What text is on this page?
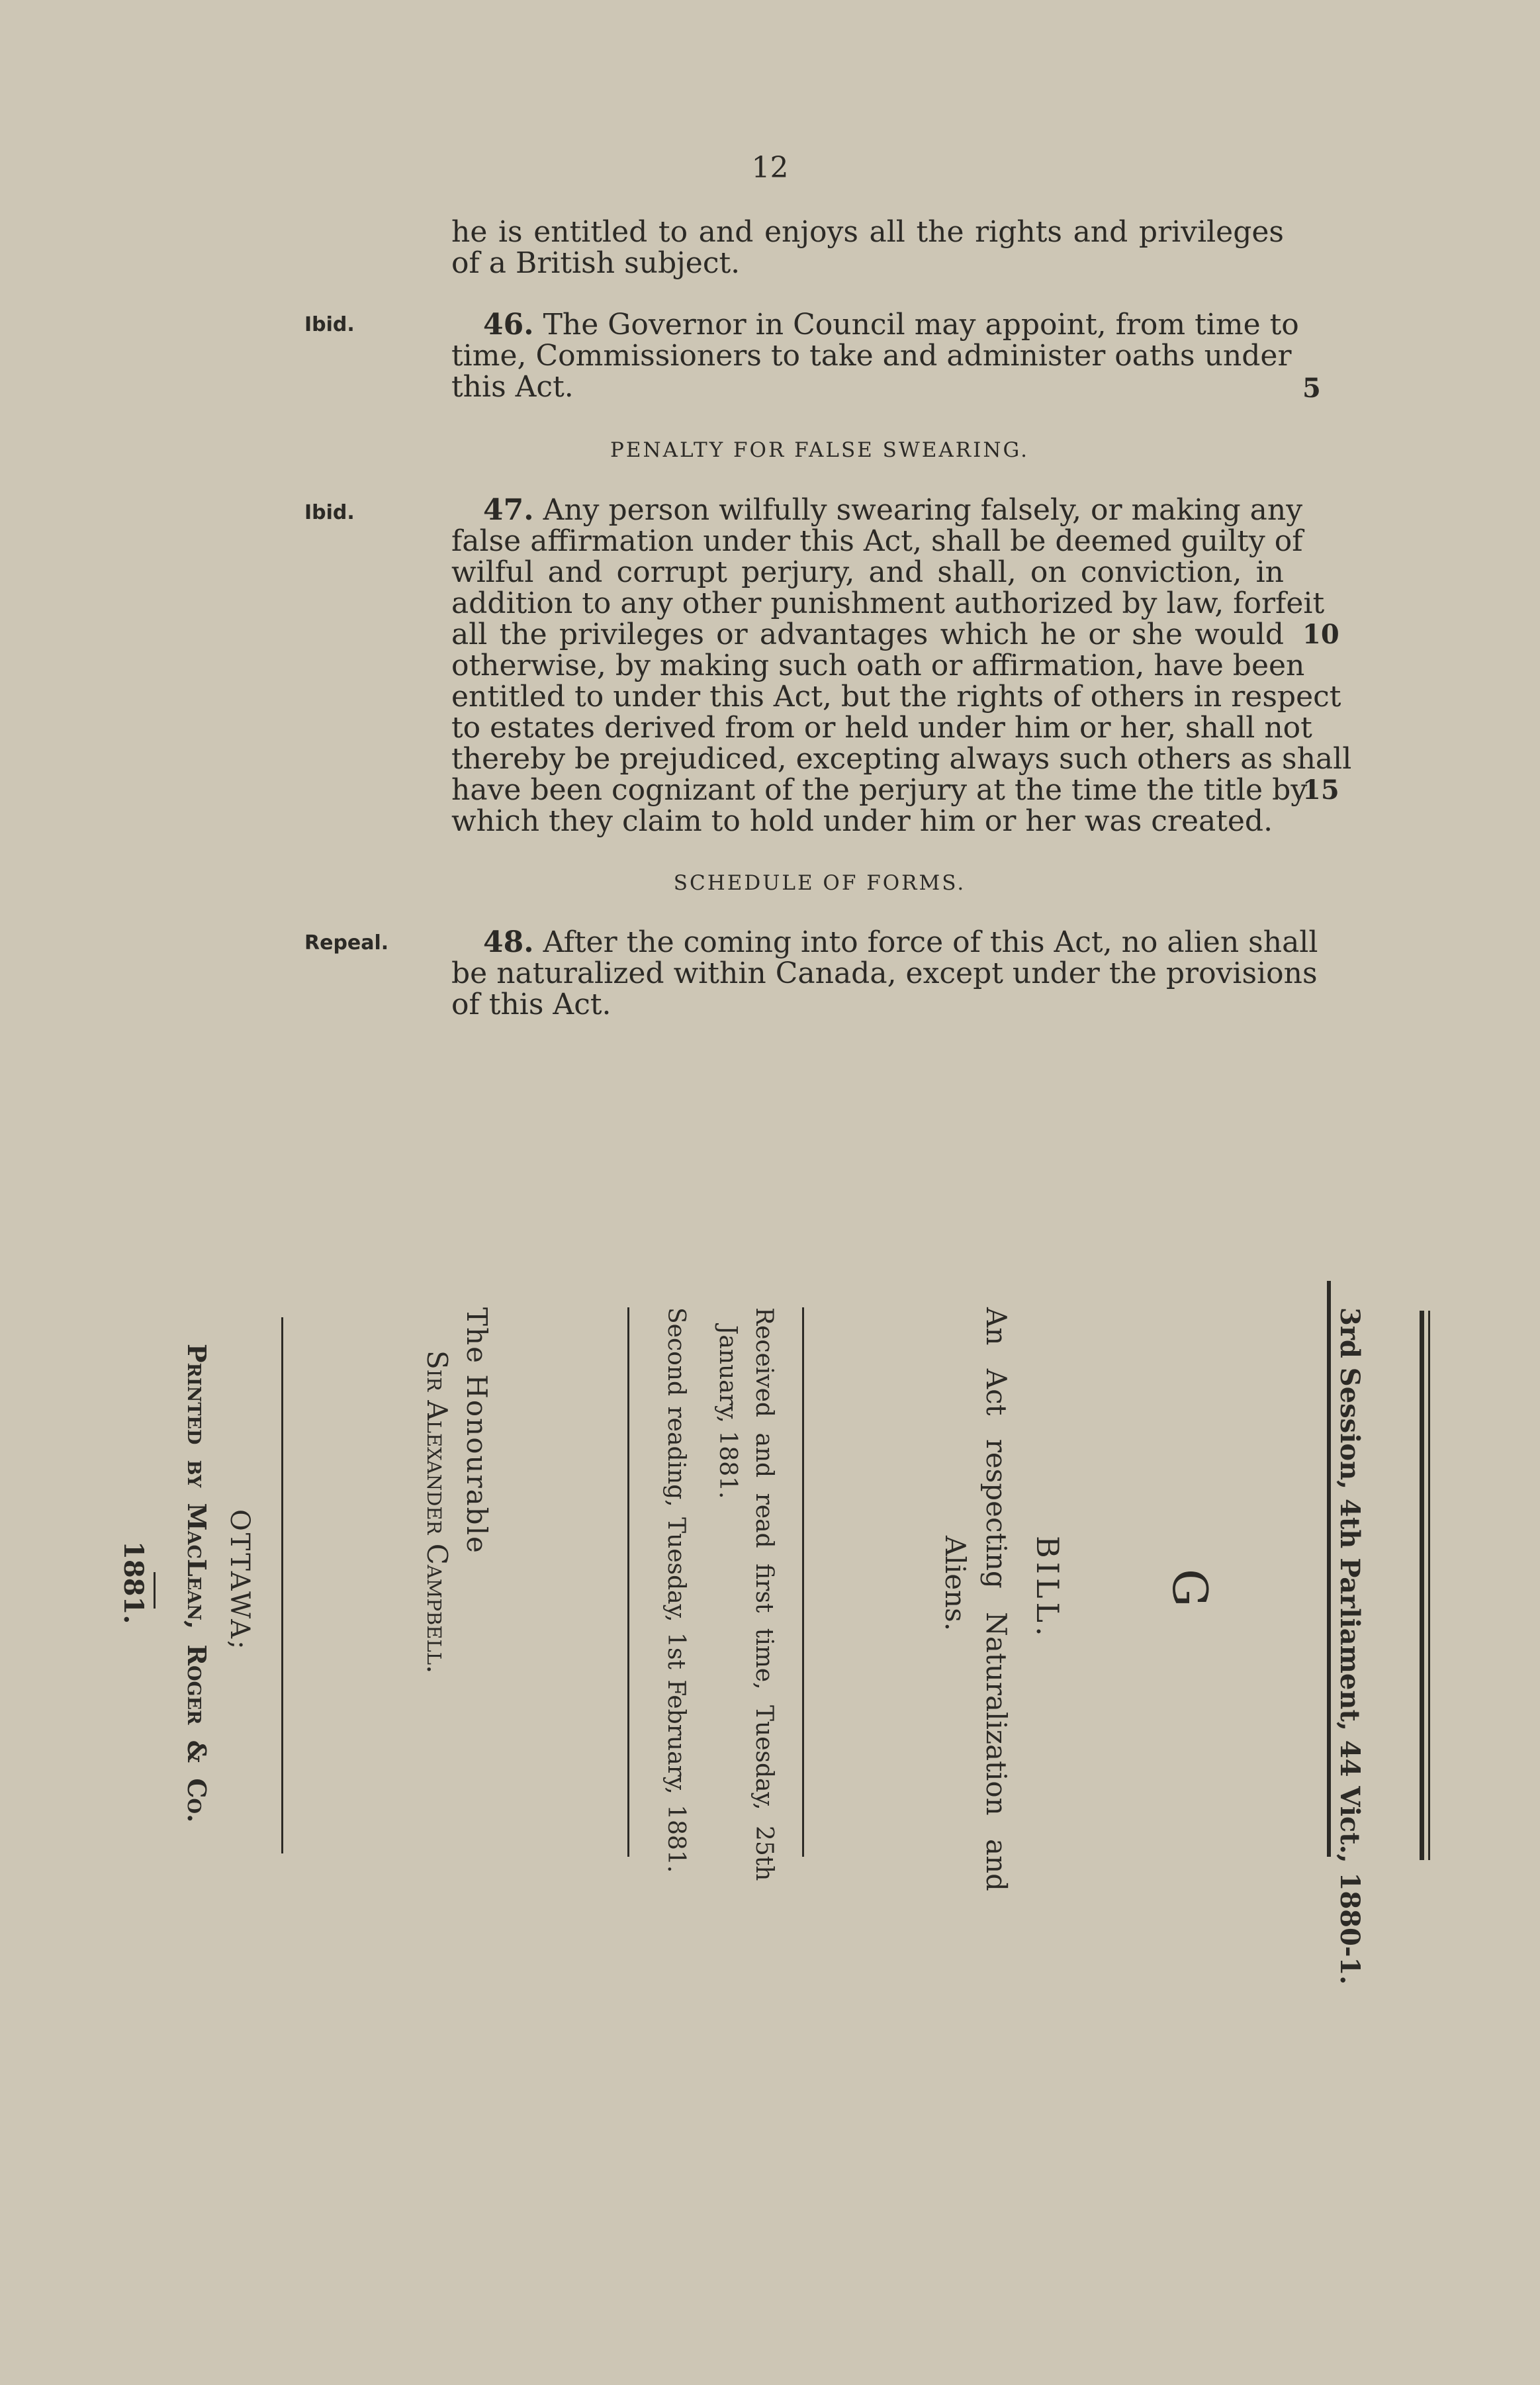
12
he is entitled to and enjoys all the rights and privileges
of a British subject.
Ibid.	46. The Governor in Council may appoint, from time to
time, Commissioners to take and administer oaths under
this Act.	5
PENALTY FOR FALSE SWEARING.
Ibid.	47. Any person wilfully swearing falsely, or making any
false affirmation under this Act, shall be deemed guilty of
wilful and corrupt perjury, and shall, on conviction, in
addition to any other punishment authorized by law, forfeit
all the privileges or advantages which he or she would
otherwise, by making such oath or affirmation, have been
entitled to under this Act, but the rights of others in respect
to estates derived from or held under him or her, shall not
thereby be prejudiced, excepting always such others as shall
have been cognizant of the perjury at the time the title by
which they claim to hold under him or her was created.
10
15
SCHEDULE OF FORMS.
Repeal.	48. After the coming into force of this Act, no alien shall
be naturalized within Canada, except under the provisions
of this Act.
3rd Session, 4th Parliament, 44 Vict., 1880-1.
G
BILL.
An Act respecting Naturalization and
Aliens.
Received and read first time, Tuesday, 25th
January, 1881.
Second reading, Tuesday, 1st February, 1881.
The Honourable
Sir Alexander Campbell.
OTTAWA;
Printed by MacLean, Roger & Co.
1881.
